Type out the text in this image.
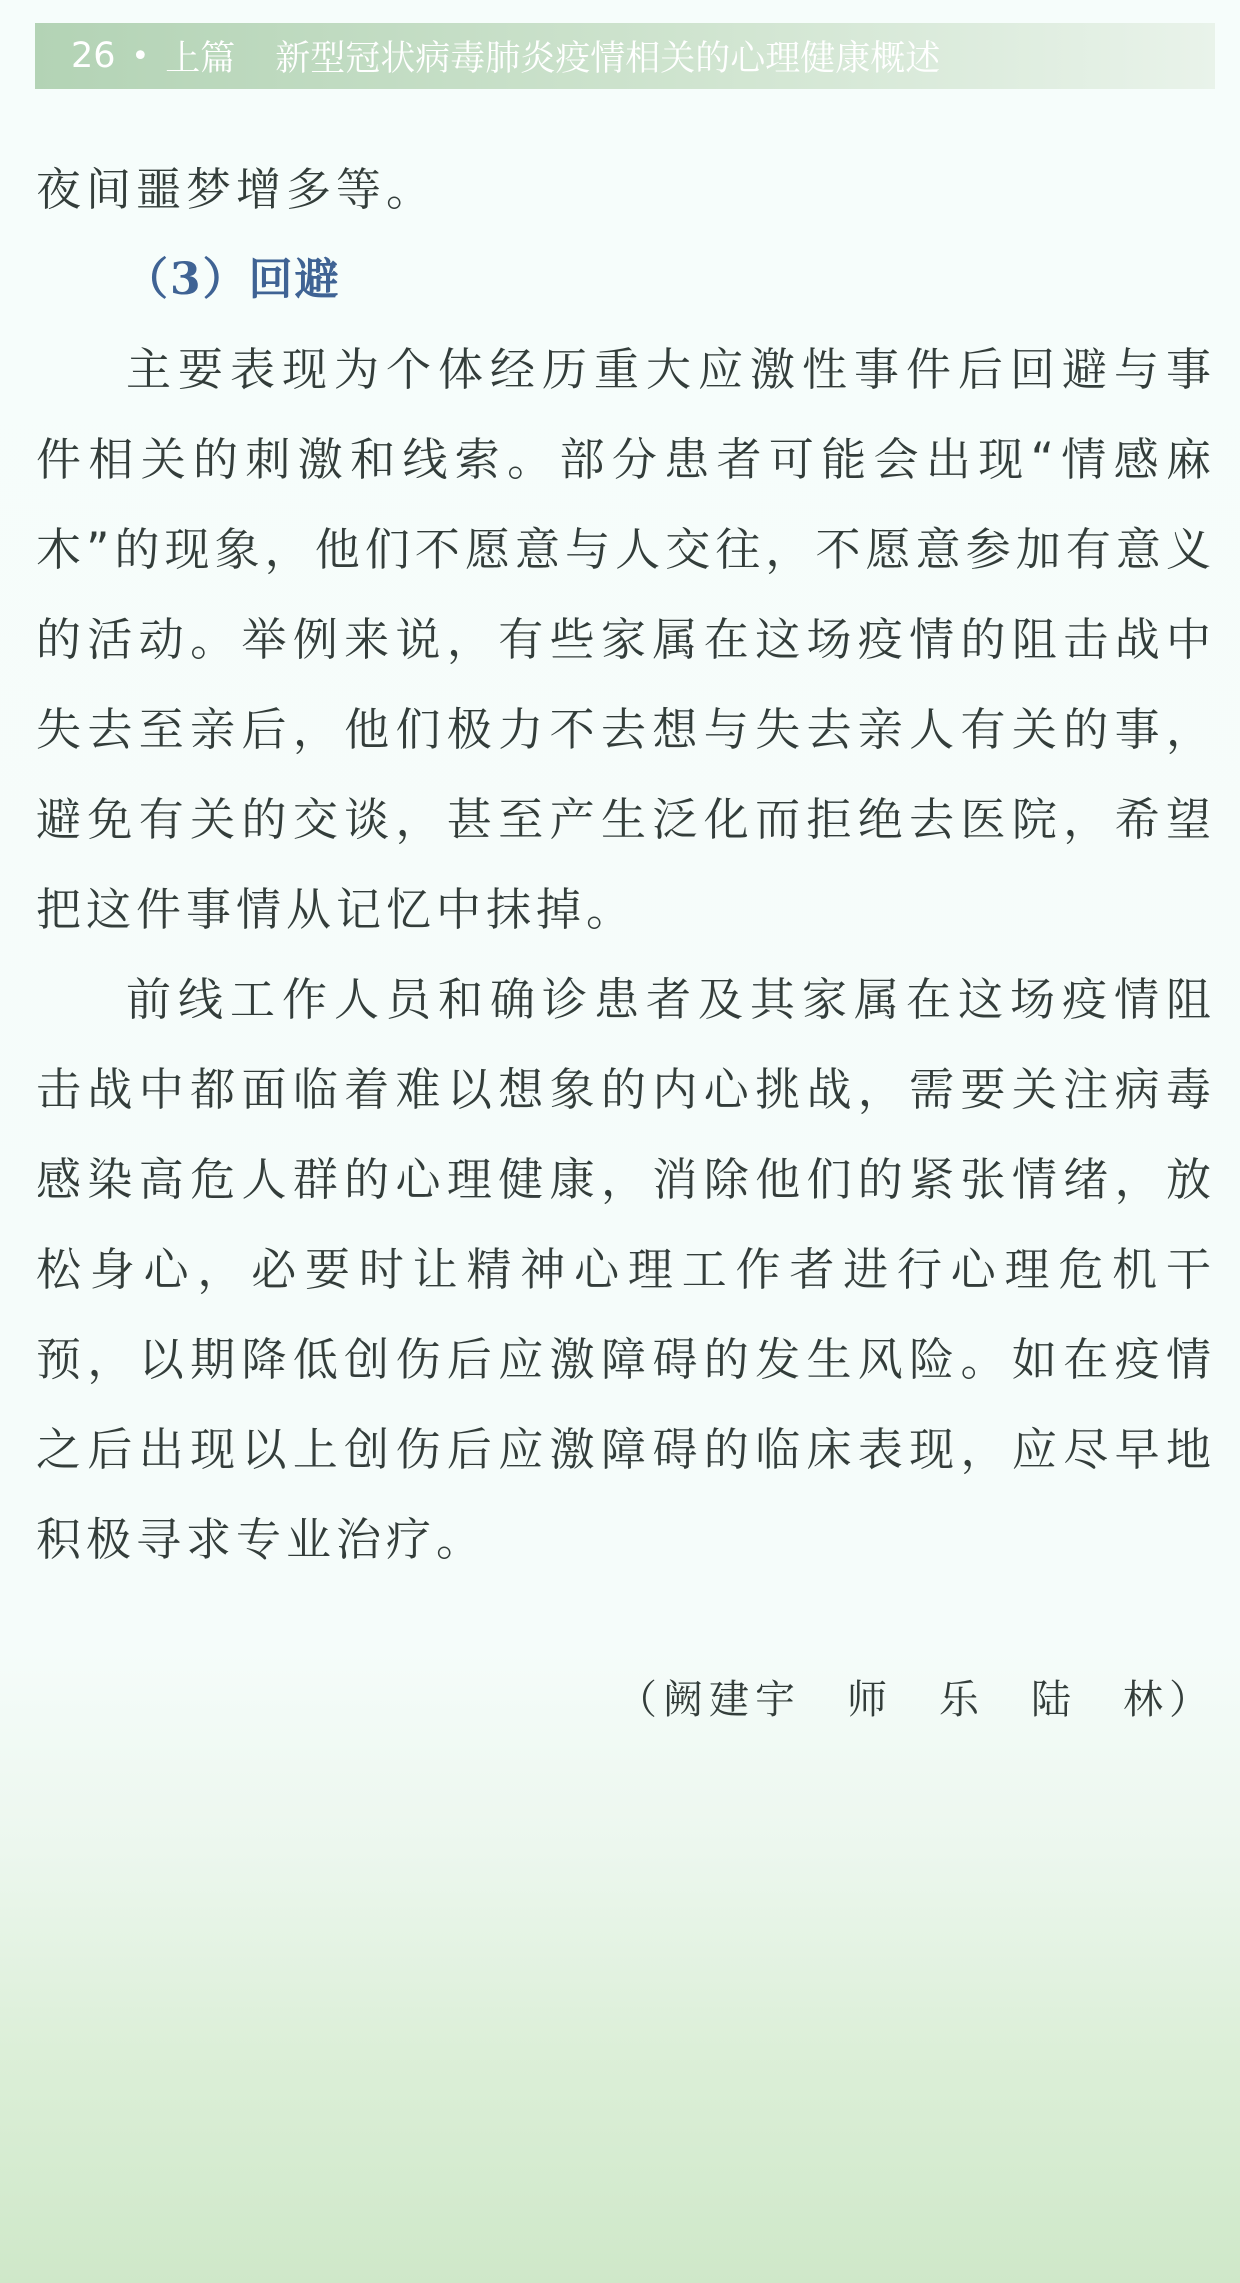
26 • 上篇 新型冠状病毒肺炎疫情相关的心理健康概述

夜间噩梦增多等。

（3）回避

主要表现为个体经历重大应激性事件后回避与事件相关的刺激和线索。部分患者可能会出现“情感麻木”的现象，他们不愿意与人交往，不愿意参加有意义的活动。举例来说，有些家属在这场疫情的阻击战中失去至亲后，他们极力不去想与失去亲人有关的事，避免有关的交谈，甚至产生泛化而拒绝去医院，希望把这件事情从记忆中抹掉。

前线工作人员和确诊患者及其家属在这场疫情阻击战中都面临着难以想象的内心挑战，需要关注病毒感染高危人群的心理健康，消除他们的紧张情绪，放松身心，必要时让精神心理工作者进行心理危机干预，以期降低创伤后应激障碍的发生风险。如在疫情之后出现以上创伤后应激障碍的临床表现，应尽早地积极寻求专业治疗。

（阙建宇　师　乐　陆　林）
